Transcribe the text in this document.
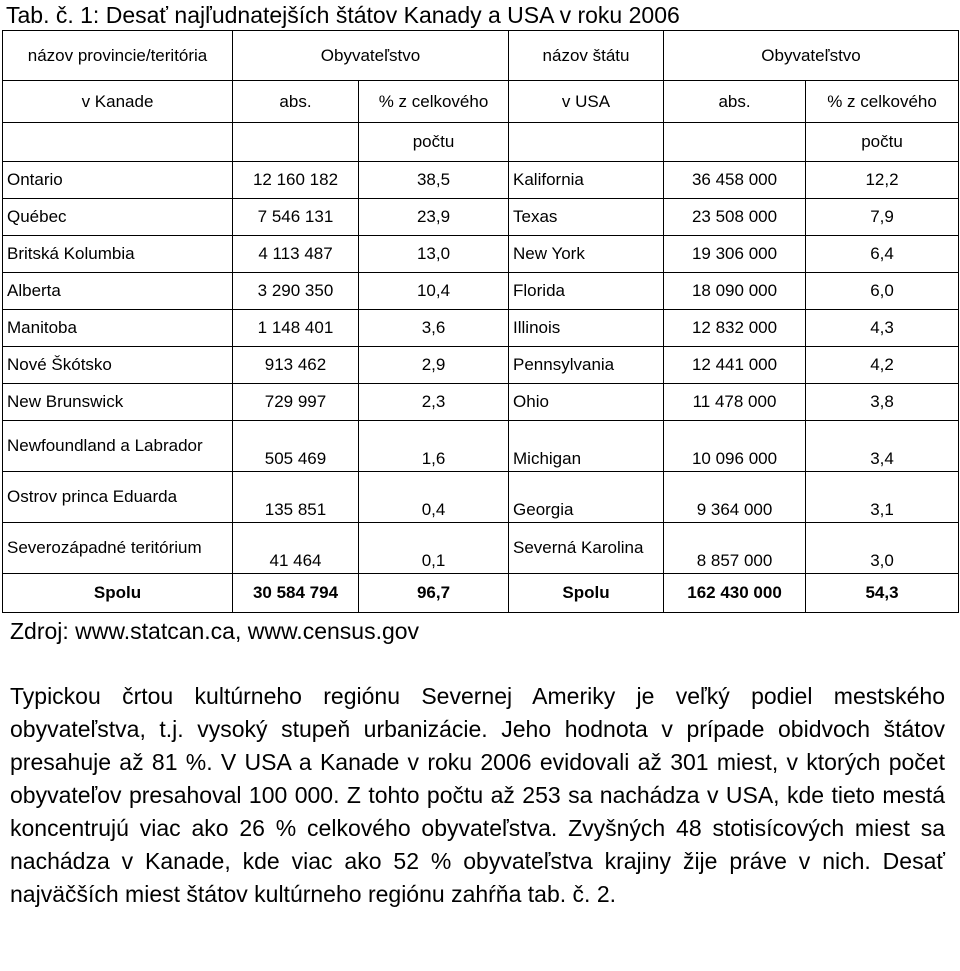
Tab. č. 1: Desať najľudnatejších štátov Kanady a USA v roku 2006
názov provincie/teritória	Obyvateľstvo		názov štátu	Obyvateľstvo	
v Kanade	abs.	% z celkového	v USA	abs.	% z celkového
		počtu			počtu
Ontario	12 160 182	38,5	Kalifornia	36 458 000	12,2
Québec	7 546 131	23,9	Texas	23 508 000	7,9
Britská Kolumbia	4 113 487	13,0	New York	19 306 000	6,4
Alberta	3 290 350	10,4	Florida	18 090 000	6,0
Manitoba	1 148 401	3,6	Illinois	12 832 000	4,3
Nové Škótsko	913 462	2,9	Pennsylvania	12 441 000	4,2
New Brunswick	729 997	2,3	Ohio	11 478 000	3,8
Newfoundland a Labrador	505 469	1,6	Michigan	10 096 000	3,4
Ostrov princa Eduarda	135 851	0,4	Georgia	9 364 000	3,1
Severozápadné teritórium	41 464	0,1	Severná Karolina	8 857 000	3,0
Spolu	30 584 794	96,7	Spolu	162 430 000	54,3
Zdroj: www.statcan.ca, www.census.gov
Typickou črtou kultúrneho regiónu Severnej Ameriky je veľký podiel mestského obyvateľstva, t.j. vysoký stupeň urbanizácie. Jeho hodnota v prípade obidvoch štátov presahuje až 81 %. V USA a Kanade v roku 2006 evidovali až 301 miest, v ktorých počet obyvateľov presahoval 100 000. Z tohto počtu až 253 sa nachádza v USA, kde tieto mestá koncentrujú viac ako 26 % celkového obyvateľstva. Zvyšných 48 stotisícových miest sa nachádza v Kanade, kde viac ako 52 % obyvateľstva krajiny žije práve v nich. Desať najväčších miest štátov kultúrneho regiónu zahŕňa tab. č. 2.
